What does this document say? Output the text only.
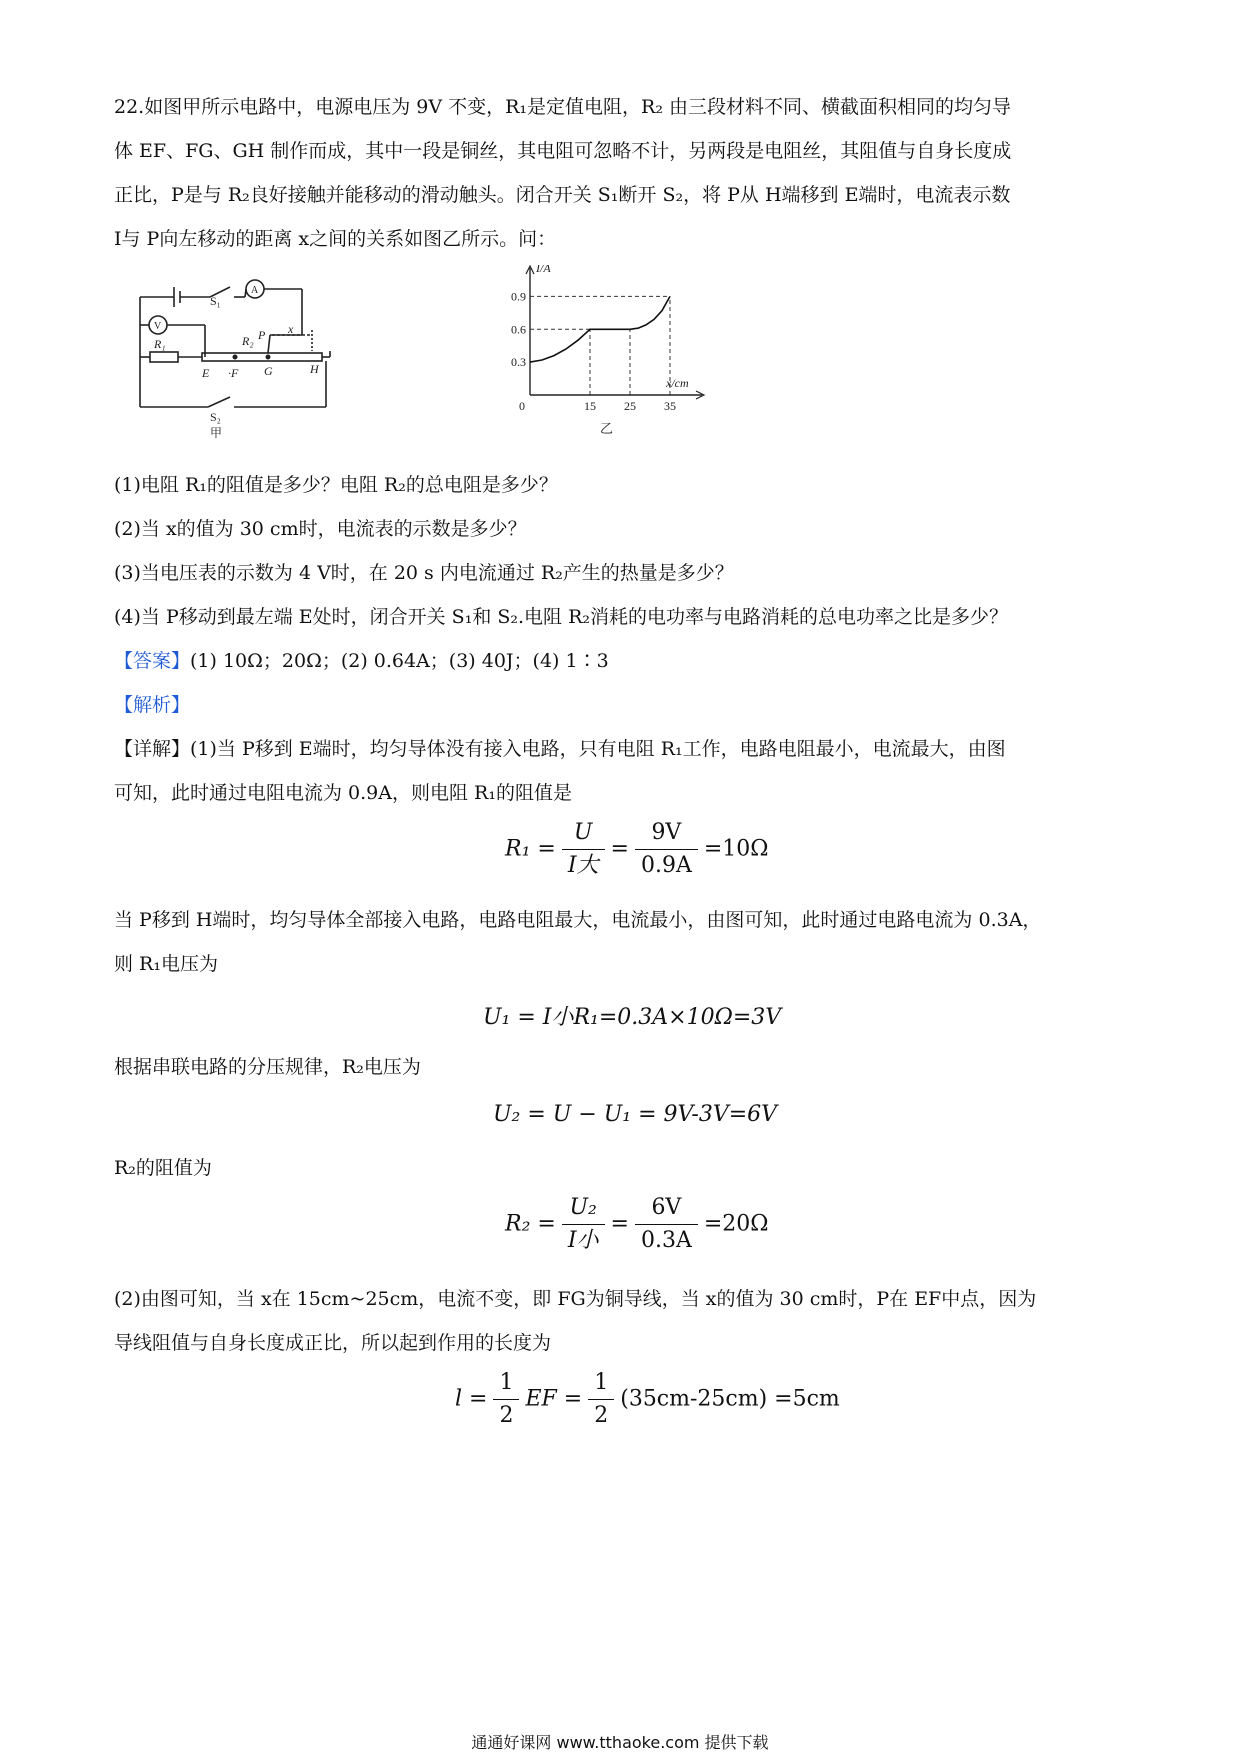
22.如图甲所示电路中，电源电压为 9V 不变，R₁是定值电阻，R₂ 由三段材料不同、横截面积相同的均匀导
体 EF、FG、GH 制作而成，其中一段是铜丝，其电阻可忽略不计，另两段是电阻丝，其阻值与自身长度成
正比，P是与 R₂良好接触并能移动的滑动触头。闭合开关 S₁断开 S₂，将 P从 H端移到 E端时，电流表示数
I与 P向左移动的距离 x之间的关系如图乙所示。问：
S₁
A
V
R₁	R₂ P x
E ·F G	H
S₂
甲
0.3
0.6
0.9
0	15 25 35
I/A
x/cm
乙
(1)电阻 R₁的阻值是多少？电阻 R₂的总电阻是多少？
(2)当 x的值为 30 cm时，电流表的示数是多少？
(3)当电压表的示数为 4 V时，在 20 s 内电流通过 R₂产生的热量是多少？
(4)当 P移动到最左端 E处时，闭合开关 S₁和 S₂.电阻 R₂消耗的电功率与电路消耗的总电功率之比是多少？
【答案】(1) 10Ω；20Ω；(2) 0.64A；(3) 40J；(4) 1∶3
【解析】
【详解】(1)当 P移到 E端时，均匀导体没有接入电路，只有电阻 R₁工作，电路电阻最小，电流最大，由图
可知，此时通过电阻电流为 0.9A，则电阻 R₁的阻值是
$R_1 = \frac{U}{\text{I大}} = \frac{9V}{0.9A} =10\Omega$
当 P移到 H端时，均匀导体全部接入电路，电路电阻最大，电流最小，由图可知，此时通过电路电流为 0.3A，
则 R₁电压为
U₁ = I小R₁=0.3A×10Ω=3V
根据串联电路的分压规律，R₂电压为
U₂ = U − U₁ = 9V-3V=6V
R₂的阻值为
$R_2 = \frac{\text{U₂}}{\text{I小}} = \frac{6V}{0.3A} =20\Omega$
(2)由图可知，当 x在 15cm~25cm，电流不变，即 FG为铜导线，当 x的值为 30 cm时，P在 EF中点，因为
导线阻值与自身长度成正比，所以起到作用的长度为
$l = \frac{1}{2}$ EF = $\frac{1}{2} (35cm-25cm) =5cm$
通通好课网 www.tthaoke.com 提供下载
